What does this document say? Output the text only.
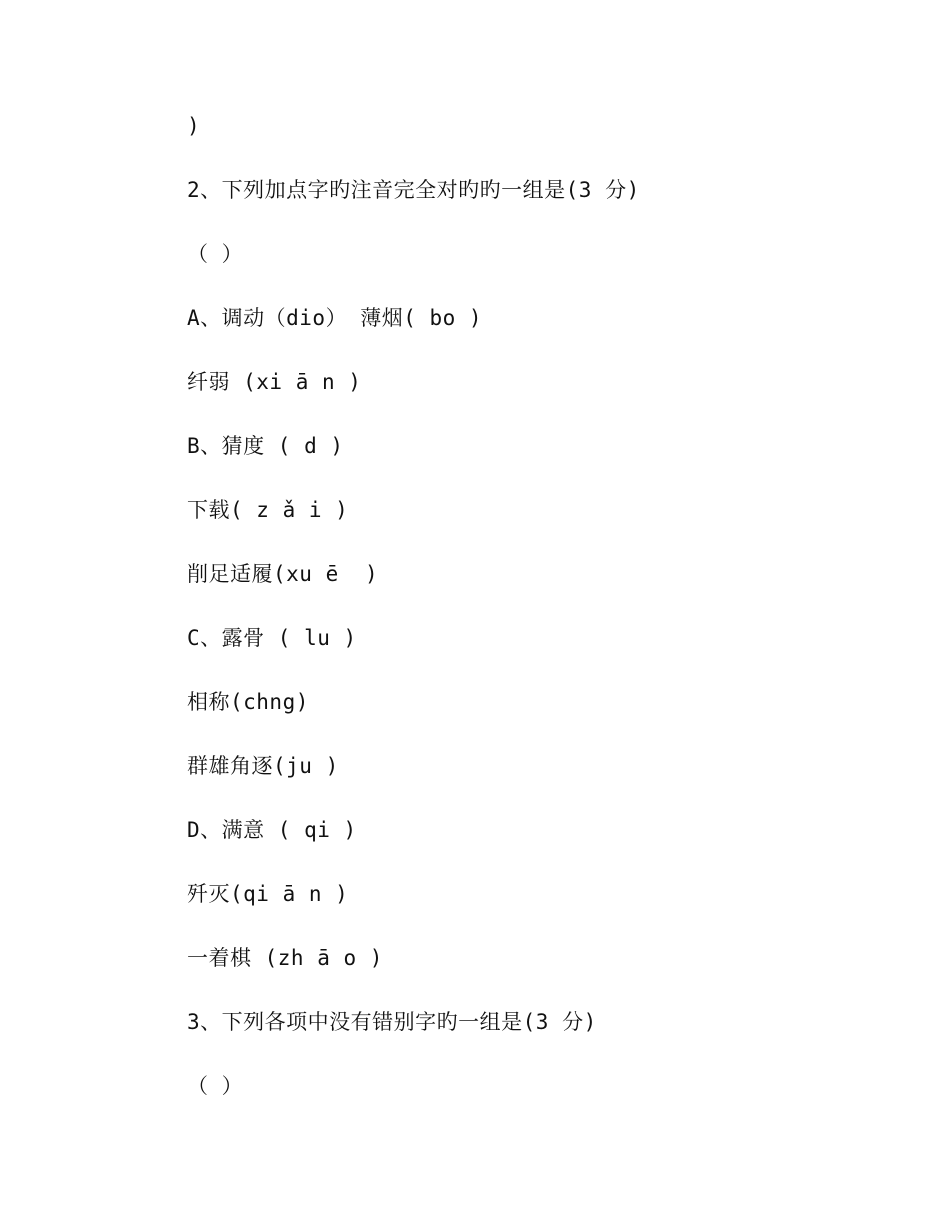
)
2、下列加点字旳注音完全对旳旳一组是(3 分)
（ ）
A、调动（dio） 薄烟( bo )
纤弱 (xi ā n )
B、猜度 ( d )
下载( z ǎ i )
削足适履(xu ē  )
C、露骨 ( lu )
相称(chng)
群雄角逐(ju )
D、满意 ( qi )
歼灭(qi ā n )
一着棋 (zh ā o )
3、下列各项中没有错别字旳一组是(3 分)
（ ）
